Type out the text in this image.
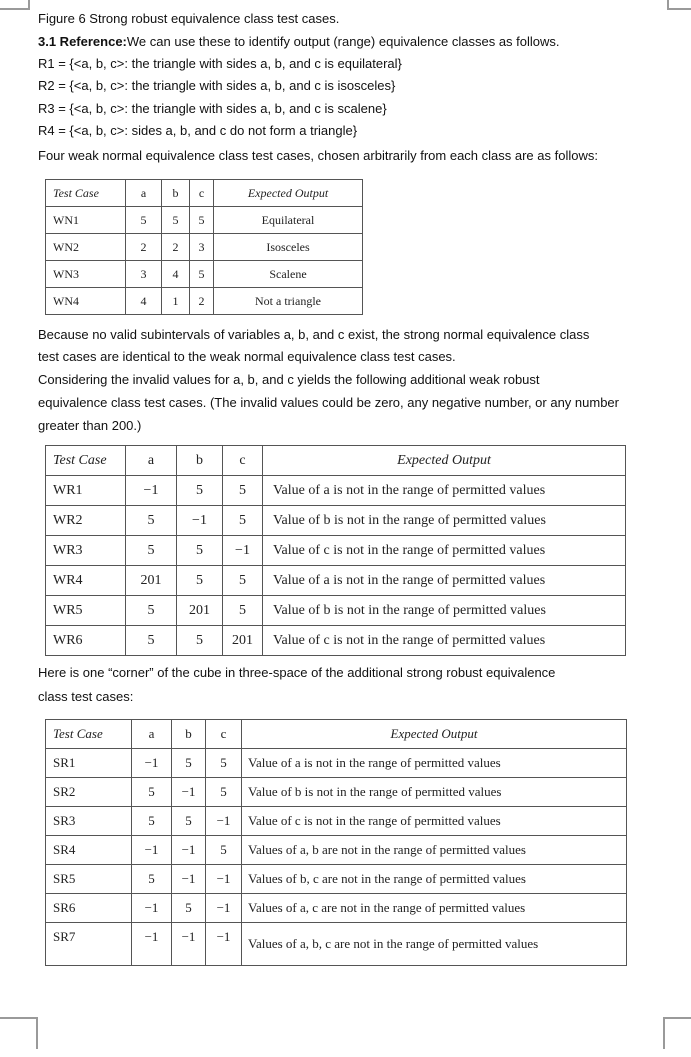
Figure 6 Strong robust equivalence class test cases.
3.1 Reference:We can use these to identify output (range) equivalence classes as follows.
R1 = {<a, b, c>: the triangle with sides a, b, and c is equilateral}
R2 = {<a, b, c>: the triangle with sides a, b, and c is isosceles}
R3 = {<a, b, c>: the triangle with sides a, b, and c is scalene}
R4 = {<a, b, c>: sides a, b, and c do not form a triangle}
Four weak normal equivalence class test cases, chosen arbitrarily from each class are as follows:
Test Case	a	b	c	Expected Output
WN1	5	5	5	Equilateral
WN2	2	2	3	Isosceles
WN3	3	4	5	Scalene
WN4	4	1	2	Not a triangle
Because no valid subintervals of variables a, b, and c exist, the strong normal equivalence class
test cases are identical to the weak normal equivalence class test cases.
Considering the invalid values for a, b, and c yields the following additional weak robust
equivalence class test cases. (The invalid values could be zero, any negative number, or any number
greater than 200.)
Test Case	a	b	c	Expected Output
WR1	−1	5	5	Value of a is not in the range of permitted values
WR2	5	−1	5	Value of b is not in the range of permitted values
WR3	5	5	−1	Value of c is not in the range of permitted values
WR4	201	5	5	Value of a is not in the range of permitted values
WR5	5	201	5	Value of b is not in the range of permitted values
WR6	5	5	201	Value of c is not in the range of permitted values
Here is one “corner” of the cube in three-space of the additional strong robust equivalence
class test cases:
Test Case	a	b	c	Expected Output
SR1	−1	5	5	Value of a is not in the range of permitted values
SR2	5	−1	5	Value of b is not in the range of permitted values
SR3	5	5	−1	Value of c is not in the range of permitted values
SR4	−1	−1	5	Values of a, b are not in the range of permitted values
SR5	5	−1	−1	Values of b, c are not in the range of permitted values
SR6	−1	5	−1	Values of a, c are not in the range of permitted values
SR7	−1	−1	−1	Values of a, b, c are not in the range of permitted values
